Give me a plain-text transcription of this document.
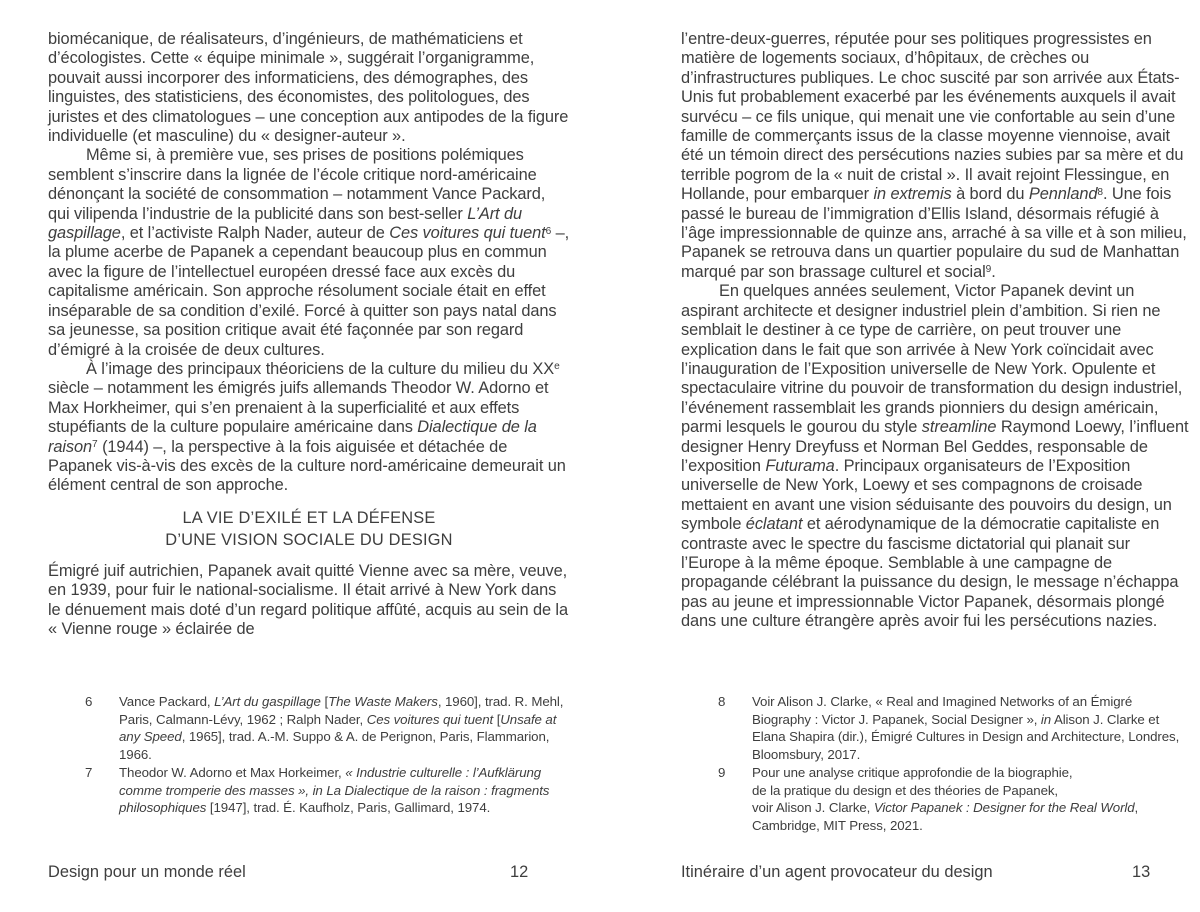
biomécanique, de réalisateurs, d’ingénieurs, de mathématiciens et d’écologistes. Cette « équipe minimale », suggérait l’organigramme, pouvait aussi incorporer des informaticiens, des démographes, des linguistes, des statisticiens, des économistes, des politologues, des juristes et des climatologues – une conception aux antipodes de la figure individuelle (et masculine) du « designer-auteur ».

Même si, à première vue, ses prises de positions polémiques semblent s’inscrire dans la lignée de l’école critique nord-américaine dénonçant la société de consommation – notamment Vance Packard, qui vilipenda l’industrie de la publicité dans son best-seller L’Art du gaspillage, et l’activiste Ralph Nader, auteur de Ces voitures qui tuent$^6$ –, la plume acerbe de Papanek a cependant beaucoup plus en commun avec la figure de l’intellectuel européen dressé face aux excès du capitalisme américain. Son approche résolument sociale était en effet inséparable de sa condition d’exilé. Forcé à quitter son pays natal dans sa jeunesse, sa position critique avait été façonnée par son regard d’émigré à la croisée de deux cultures.

À l’image des principaux théoriciens de la culture du milieu du XXe siècle – notamment les émigrés juifs allemands Theodor W. Adorno et Max Horkheimer, qui s’en prenaient à la superficialité et aux effets stupéfiants de la culture populaire américaine dans Dialectique de la raison$^7$ (1944) –, la perspective à la fois aiguisée et détachée de Papanek vis-à-vis des excès de la culture nord-américaine demeurait un élément central de son approche.

LA VIE D’EXILÉ ET LA DÉFENSE
D’UNE VISION SOCIALE DU DESIGN

Émigré juif autrichien, Papanek avait quitté Vienne avec sa mère, veuve, en 1939, pour fuir le national-socialisme. Il était arrivé à New York dans le dénuement mais doté d’un regard politique affûté, acquis au sein de la « Vienne rouge » éclairée de

6 Vance Packard, L’Art du gaspillage [The Waste Makers, 1960], trad. R. Mehl, Paris, Calmann-Lévy, 1962 ; Ralph Nader, Ces voitures qui tuent [Unsafe at any Speed, 1965], trad. A.-M. Suppo & A. de Perignon, Paris, Flammarion, 1966.
7 Theodor W. Adorno et Max Horkeimer, « Industrie culturelle : l’Aufklärung comme tromperie des masses », in La Dialectique de la raison : fragments philosophiques [1947], trad. É. Kaufholz, Paris, Gallimard, 1974.
Design pour un monde réel	12

l’entre-deux-guerres, réputée pour ses politiques progressistes en matière de logements sociaux, d’hôpitaux, de crèches ou d’infrastructures publiques. Le choc suscité par son arrivée aux États-Unis fut probablement exacerbé par les événements auxquels il avait survécu – ce fils unique, qui menait une vie confortable au sein d’une famille de commerçants issus de la classe moyenne viennoise, avait été un témoin direct des persécutions nazies subies par sa mère et du terrible pogrom de la « nuit de cristal ». Il avait rejoint Flessingue, en Hollande, pour embarquer in extremis à bord du Pennland$^8$. Une fois passé le bureau de l’immigration d’Ellis Island, désormais réfugié à l’âge impressionnable de quinze ans, arraché à sa ville et à son milieu, Papanek se retrouva dans un quartier populaire du sud de Manhattan marqué par son brassage culturel et social$^9$.

En quelques années seulement, Victor Papanek devint un aspirant architecte et designer industriel plein d’ambition. Si rien ne semblait le destiner à ce type de carrière, on peut trouver une explication dans le fait que son arrivée à New York coïncidait avec l’inauguration de l’Exposition universelle de New York. Opulente et spectaculaire vitrine du pouvoir de transformation du design industriel, l’événement rassemblait les grands pionniers du design américain, parmi lesquels le gourou du style streamline Raymond Loewy, l’influent designer Henry Dreyfuss et Norman Bel Geddes, responsable de l’exposition Futurama. Principaux organisateurs de l’Exposition universelle de New York, Loewy et ses compagnons de croisade mettaient en avant une vision séduisante des pouvoirs du design, un symbole éclatant et aérodynamique de la démocratie capitaliste en contraste avec le spectre du fascisme dictatorial qui planait sur l’Europe à la même époque. Semblable à une campagne de propagande célébrant la puissance du design, le message n’échappa pas au jeune et impressionnable Victor Papanek, désormais plongé dans une culture étrangère après avoir fui les persécutions nazies.

8 Voir Alison J. Clarke, « Real and Imagined Networks of an Émigré Biography : Victor J. Papanek, Social Designer », in Alison J. Clarke et Elana Shapira (dir.), Émigré Cultures in Design and Architecture, Londres, Bloomsbury, 2017.
9 Pour une analyse critique approfondie de la biographie,
de la pratique du design et des théories de Papanek,
voir Alison J. Clarke, Victor Papanek : Designer for the Real World, Cambridge, MIT Press, 2021.
Itinéraire d’un agent provocateur du design	13
